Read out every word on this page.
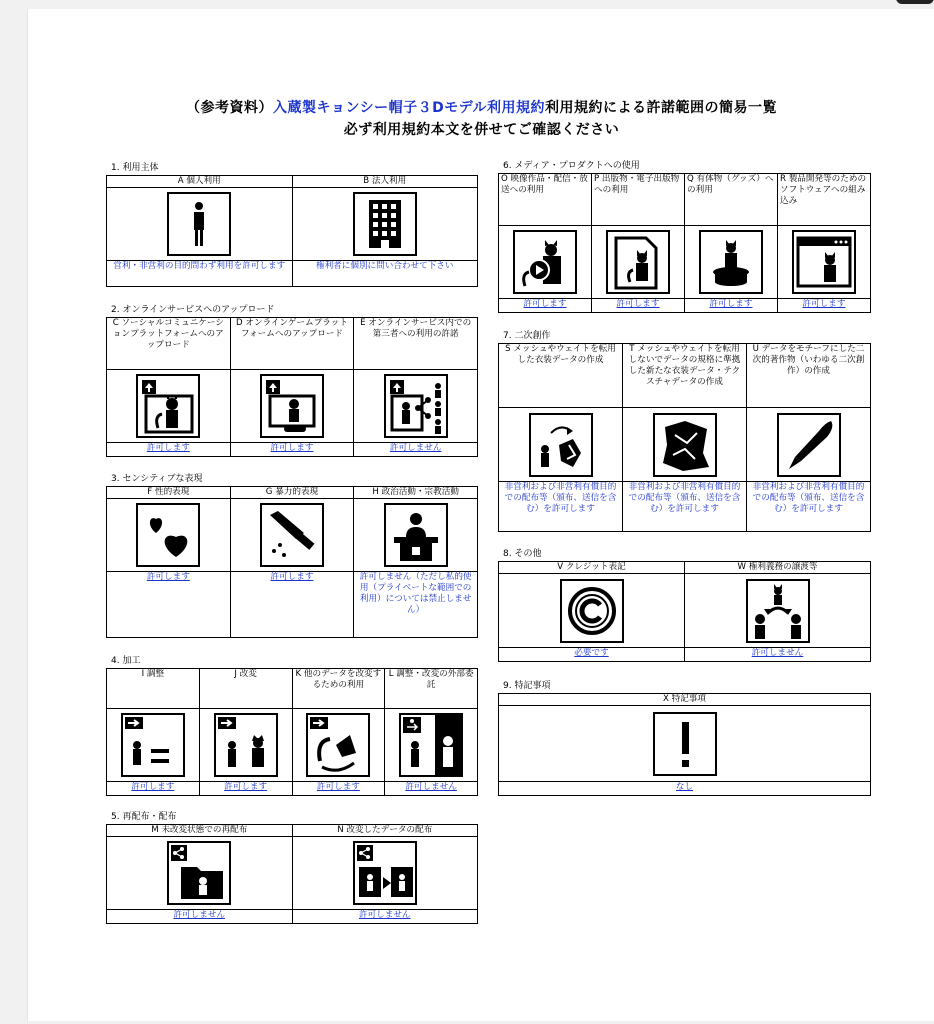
（参考資料）入蔵製キョンシー帽子３Dモデル利用規約利用規約による許諾範囲の簡易一覧
必ず利用規約本文を併せてご確認ください
1. 利用主体
A 個人利用	B 法人利用

営利・非営利の目的問わず利用を許可します	権利者に個別に問い合わせて下さい
2. オンラインサービスへのアップロード
C ソーシャルコミュニケーションプラットフォームへのアップロード	D オンラインゲームプラットフォームへのアップロード	E オンラインサービス内での第三者への利用の許諾

許可します	許可します	許可しません
3. センシティブな表現
F 性的表現	G 暴力的表現	H 政治活動・宗教活動

許可します	許可します	許可しません（ただし私的使用（プライベートな範囲での利用）については禁止しません）
4. 加工
I 調整	J 改変	K 他のデータを改変するための利用	L 調整・改変の外部委託

許可します	許可します	許可します	許可しません
5. 再配布・配布
M 未改変状態での再配布	N 改変したデータの配布

許可しません	許可しません
6. メディア・プロダクトへの使用
O 映像作品・配信・放送への利用	P 出版物・電子出版物への利用	Q 有体物（グッズ）への利用	R 製品開発等のためのソフトウェアへの組み込み

許可します	許可します	許可します	許可します
7. 二次創作
S メッシュやウェイトを転用した衣装データの作成	T メッシュやウェイトを転用しないでデータの規格に準拠した新たな衣装データ・テクスチャデータの作成	U データをモチーフにした二次的著作物（いわゆる二次創作）の作成

非営利および非営利有償目的での配布等（頒布、送信を含む）を許可します	非営利および非営利有償目的での配布等（頒布、送信を含む）を許可します	非営利および非営利有償目的での配布等（頒布、送信を含む）を許可します
8. その他
V クレジット表記	W 権利義務の譲渡等

必要です	許可しません
9. 特記事項
X 特記事項

なし
